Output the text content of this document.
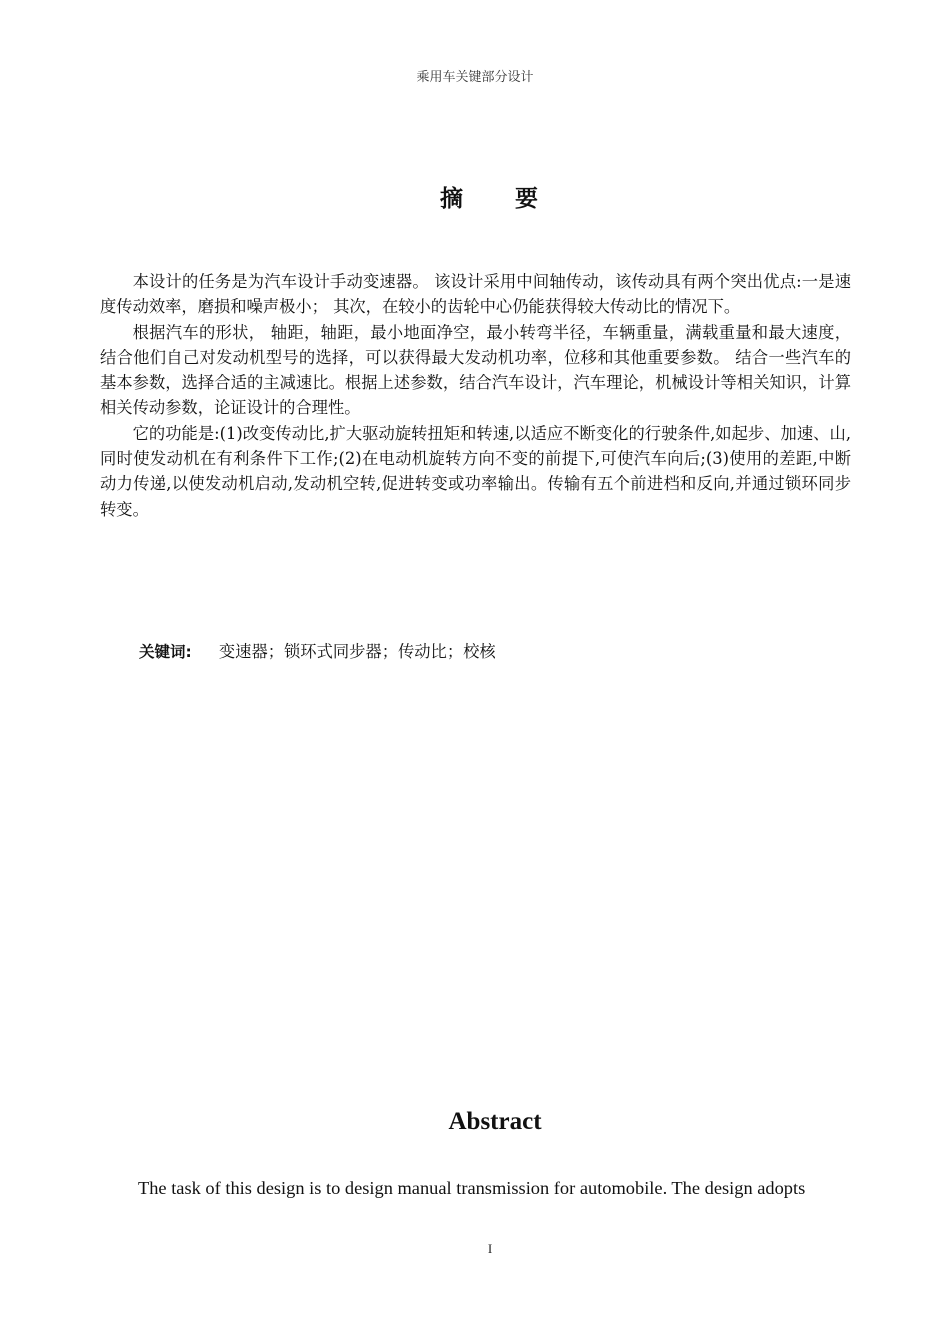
乘用车关键部分设计
摘 要

本设计的任务是为汽车设计手动变速器。 该设计采用中间轴传动，该传动具有两个突出优点:一是速度传动效率，磨损和噪声极小； 其次，在较小的齿轮中心仍能获得较大传动比的情况下。

根据汽车的形状， 轴距，轴距，最小地面净空，最小转弯半径，车辆重量，满载重量和最大速度，结合他们自己对发动机型号的选择，可以获得最大发动机功率，位移和其他重要参数。 结合一些汽车的基本参数，选择合适的主减速比。根据上述参数，结合汽车设计，汽车理论，机械设计等相关知识，计算相关传动参数，论证设计的合理性。

它的功能是:(1)改变传动比,扩大驱动旋转扭矩和转速,以适应不断变化的行驶条件,如起步、加速、山,同时使发动机在有利条件下工作;(2)在电动机旋转方向不变的前提下,可使汽车向后;(3)使用的差距,中断动力传递,以使发动机启动,发动机空转,促进转变或功率输出。传输有五个前进档和反向,并通过锁环同步转变。

关键词: 变速器；锁环式同步器；传动比；校核
Abstract
The task of this design is to design manual transmission for automobile. The design adopts
I
